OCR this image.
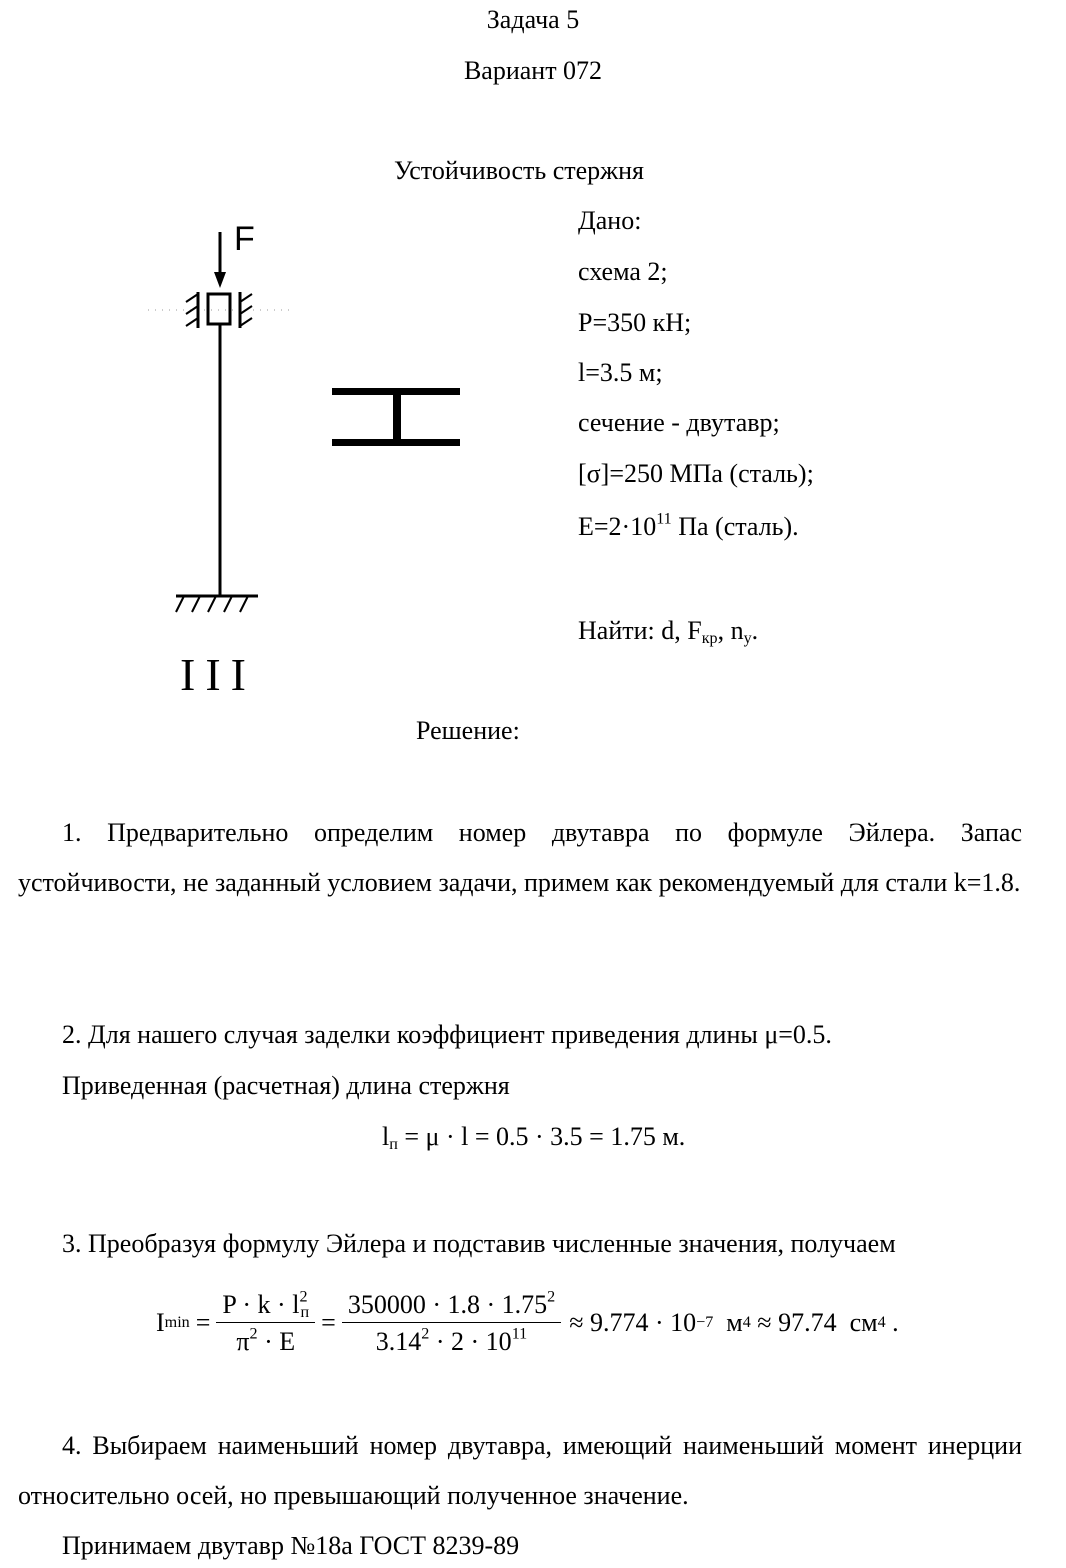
Задача 5
Вариант 072
Устойчивость стержня
F
III
Дано:
схема 2;
P=350 кН;
l=3.5 м;
сечение - двутавр;
[σ]=250 МПа (сталь);
$E=2\cdot 10^{11}$ Па (сталь).
Найти: d, $F_{кр}$, $n_у$.
Решение:

1. Предварительно определим номер двутавра по формуле Эйлера. Запас устойчивости, не заданный условием задачи, примем как рекомендуемый для стали k=1.8.

2. Для нашего случая заделки коэффициент приведения длины μ=0.5.
Приведенная (расчетная) длина стержня
$l_п = \mu \cdot l = 0.5 \cdot 3.5 = 1.75$ м.
3. Преобразуя формулу Эйлера и подставив численные значения, получаем
I $\min = \frac{P \cdot k \cdot l^2_п}{\pi^2 \cdot E} = \frac{350000 \cdot 1.8 \cdot 1.75^2}{3.14^2 \cdot 2 \cdot 10^{11}} \approx 9.774 \cdot 10 -7$ м 4 ≈ 97.74  см 4 .

4. Выбираем наименьший номер двутавра, имеющий наименьший момент инерции относительно осей, но превышающий полученное значение.

Принимаем двутавр №18а ГОСТ 8239-89
